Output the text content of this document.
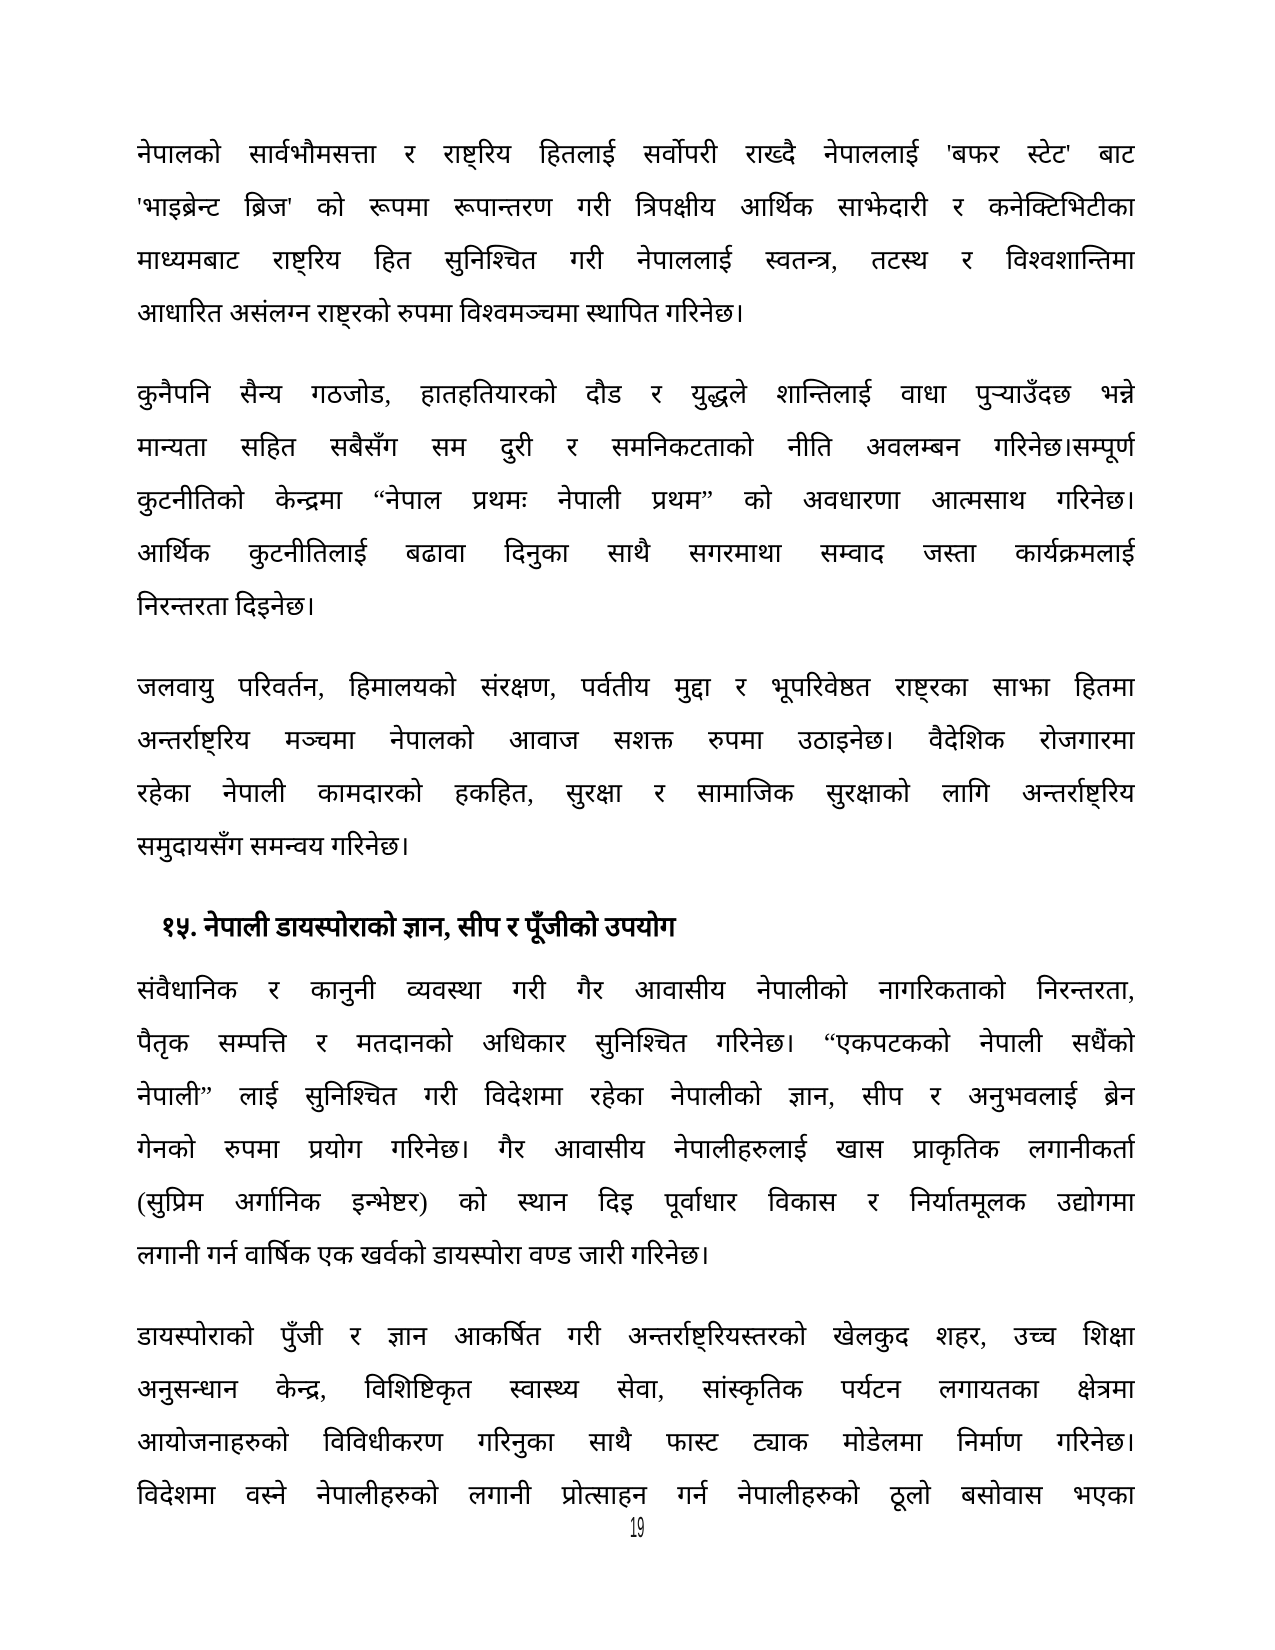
नेपालको सार्वभौमसत्ता र राष्ट्रिय हितलाई सर्वोपरी राख्दै नेपाललाई 'बफर स्टेट' बाट
'भाइब्रेन्ट ब्रिज' को रूपमा रूपान्तरण गरी त्रिपक्षीय आर्थिक साझेदारी र कनेक्टिभिटीका
माध्यमबाट राष्ट्रिय हित सुनिश्चित गरी नेपाललाई स्वतन्त्र, तटस्थ र विश्वशान्तिमा
आधारित असंलग्न राष्ट्रको रुपमा विश्वमञ्चमा स्थापित गरिनेछ।
कुनैपनि सैन्य गठजोड, हातहतियारको दौड र युद्धले शान्तिलाई वाधा पुऱ्याउँदछ भन्ने
मान्यता सहित सबैसँग सम दुरी र समनिकटताको नीति अवलम्बन गरिनेछ।सम्पूर्ण
कुटनीतिको केन्द्रमा “नेपाल प्रथमः नेपाली प्रथम” को अवधारणा आत्मसाथ गरिनेछ।
आर्थिक कुटनीतिलाई बढावा दिनुका साथै सगरमाथा सम्वाद जस्ता कार्यक्रमलाई
निरन्तरता दिइनेछ।
जलवायु परिवर्तन, हिमालयको संरक्षण, पर्वतीय मुद्दा र भूपरिवेष्ठत राष्ट्रका साझा हितमा
अन्तर्राष्ट्रिय मञ्चमा नेपालको आवाज सशक्त रुपमा उठाइनेछ। वैदेशिक रोजगारमा
रहेका नेपाली कामदारको हकहित, सुरक्षा र सामाजिक सुरक्षाको लागि अन्तर्राष्ट्रिय
समुदायसँग समन्वय गरिनेछ।
१५. नेपाली डायस्पोराको ज्ञान, सीप र पूँजीको उपयोग
संवैधानिक र कानुनी व्यवस्था गरी गैर आवासीय नेपालीको नागरिकताको निरन्तरता,
पैतृक सम्पत्ति र मतदानको अधिकार सुनिश्चित गरिनेछ। “एकपटकको नेपाली सधैंको
नेपाली” लाई सुनिश्चित गरी विदेशमा रहेका नेपालीको ज्ञान, सीप र अनुभवलाई ब्रेन
गेनको रुपमा प्रयोग गरिनेछ। गैर आवासीय नेपालीहरुलाई खास प्राकृतिक लगानीकर्ता
(सुप्रिम अर्गानिक इन्भेष्टर) को स्थान दिइ पूर्वाधार विकास र निर्यातमूलक उद्योगमा
लगानी गर्न वार्षिक एक खर्वको डायस्पोरा वण्ड जारी गरिनेछ।
डायस्पोराको पुँजी र ज्ञान आकर्षित गरी अन्तर्राष्ट्रियस्तरको खेलकुद शहर, उच्च शिक्षा
अनुसन्धान केन्द्र, विशिष्टिकृत स्वास्थ्य सेवा, सांस्कृतिक पर्यटन लगायतका क्षेत्रमा
आयोजनाहरुको विविधीकरण गरिनुका साथै फास्ट ट्याक मोडेलमा निर्माण गरिनेछ।
विदेशमा वस्ने नेपालीहरुको लगानी प्रोत्साहन गर्न नेपालीहरुको ठूलो बसोवास भएका
19
